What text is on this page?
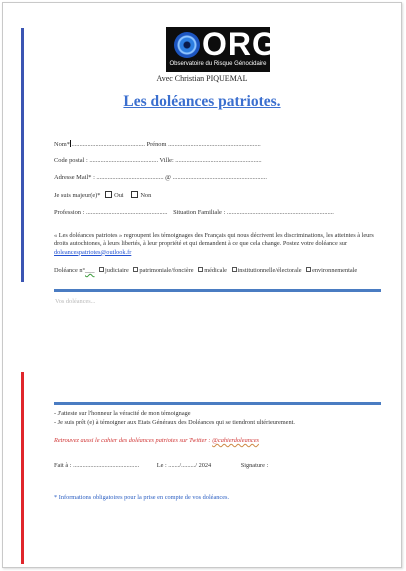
ORG
Observatoire du Risque Génocidaire
Avec Christian PIQUEMAL
Les doléances patriotes.
Nom* .............................................. Prénom ..........................................................
Code postal : ........................................... Ville: ......................................................
Adresse Mail* : .......................................... @ ...........................................................
Je suis majeur(e)* Oui	Non
Profession : ................................................... Situation Familiale : ...................................................................
« Les doléances patriotes » regroupent les témoignages des Français qui nous décrivent les discriminations, les atteintes à leurs droits autochtones, à leurs libertés, à leur propriété et qui demandent à ce que cela change. Postez votre doléance sur doleancespatriotes@outlook.fr
Doléance n°___ judiciaire patrimoniale/foncière médicale institutionnelle/électorale environnementale
Vos doléances...
- J'atteste sur l'honneur la véracité de mon témoignage
- Je suis prêt (e) à témoigner aux Etats Généraux des Doléances qui se tiendront ultérieurement.
Retrouvez aussi le cahier des doléances patriotes sur Twitter : @cahierdoleances
Fait à : ..........................................	Le : ......./........./ 2024	Signature :
* Informations obligatoires pour la prise en compte de vos doléances.
